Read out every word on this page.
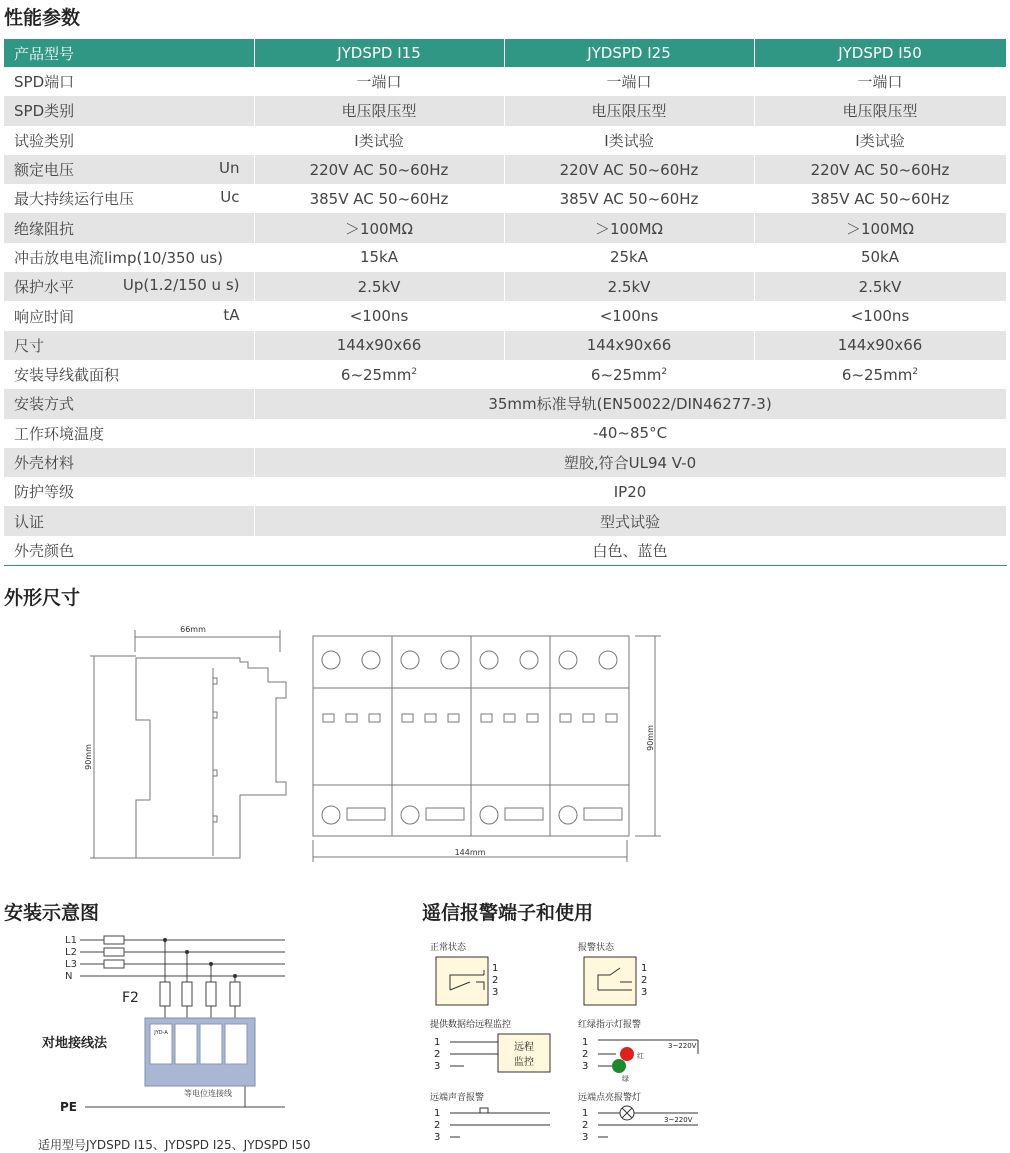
性能参数
产品型号	JYDSPD I15	JYDSPD I25	JYDSPD I50

SPD端口	一端口	一端口	一端口

SPD类别	电压限压型	电压限压型	电压限压型

试验类别	Ⅰ类试验	Ⅰ类试验	Ⅰ类试验

额定电压 Un	220V AC 50~60Hz	220V AC 50~60Hz	220V AC 50~60Hz

最大持续运行电压 Uc	385V AC 50~60Hz	385V AC 50~60Hz	385V AC 50~60Hz

绝缘阻抗	＞100MΩ	＞100MΩ	＞100MΩ

冲击放电电流limp(10/350 us)	15kA	25kA	50kA

保护水平 Up(1.2/150 u s)	2.5kV	2.5kV	2.5kV

响应时间 tA	<100ns	<100ns	<100ns

尺寸	144x90x66	144x90x66	144x90x66

安装导线截面积	$6\sim 25mm^2$	$6\sim 25mm^2$	$6\sim 25mm^2$
安装方式	35mm标准导轨(EN50022/DIN46277-3)		
工作环境温度	-40~85°C		
外壳材料	塑胶,符合UL94 V-0		
防护等级	IP20		
认证	型式试验		
外壳颜色	白色、蓝色		
外形尺寸
66mm
90mm
90mm
144mm
安装示意图	遥信报警端子和使用
L1
L2
L3
N
F2
对地接线法
JYD-A
PE
等电位连接线
适用型号JYDSPD I15、JYDSPD I25、JYDSPD I50
正常状态	报警状态
提供数据给远程监控	红绿指示灯报警
远端声音报警	远端点亮报警灯
1
2
3
1
2
3
1
2
3
1
2
3
1
2
3
1
2
3
远程
监控
3~220V
红
绿
3~220V
